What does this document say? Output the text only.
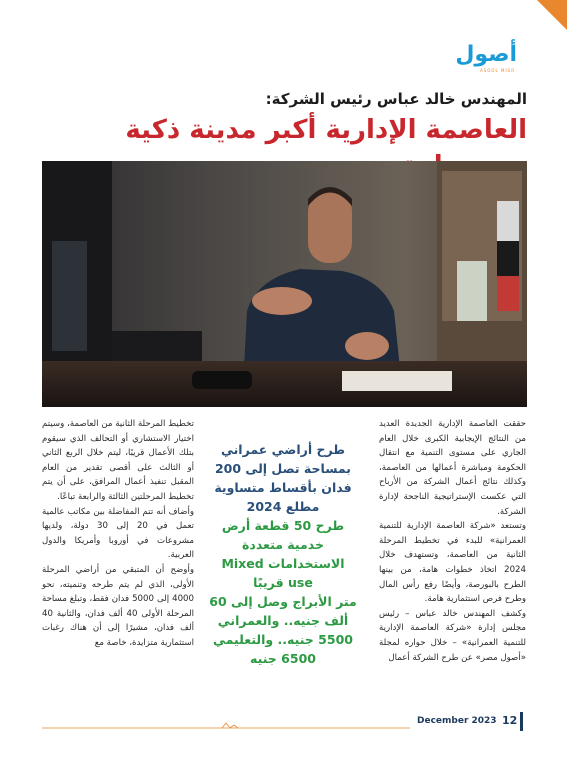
أصول
ASOOL MISR
المهندس خالد عباس رئيس الشركة:
العاصمة الإدارية أكبر مدينة ذكية

حققت العاصمة الإدارية الجديدة العديد من النتائج الإيجابية الكبرى خلال العام الجاري على مستوى التنمية مع انتقال الحكومة ومباشرة أعمالها من العاصمة، وكذلك نتائج أعمال الشركة من الأرباح التي عكست الإستراتيجية الناجحة لإدارة الشركة.

وتستعد «شركة العاصمة الإدارية للتنمية العمرانية» للبدء في تخطيط المرحلة الثانية من العاصمة، وتستهدف خلال 2024 اتخاذ خطوات هامة، من بينها الطرح بالبورصة، وأيضًا رفع رأس المال وطرح فرص استثمارية هامة.

وكشف المهندس خالد عباس – رئيس مجلس إدارة «شركة العاصمة الإدارية للتنمية العمرانية» – خلال حواره لمجلة «أصول مصر» عن طرح الشركة أعمال

طرح أراضي عمراني بمساحة تصل إلى 200 فدان بأقساط متساوية مطلع 2024

طرح 50 قطعة أرض خدمية متعددة الاستخدامات Mixed use قريبًا

متر الأبراج وصل إلى 60 ألف جنيه.. والعمراني 5500 جنيه.. والتعليمي 6500 جنيه

تخطيط المرحلة الثانية من العاصمة، وسيتم اختيار الاستشاري أو التحالف الذي سيقوم بتلك الأعمال قريبًا، ليتم خلال الربع الثاني أو الثالث على أقصى تقدير من العام المقبل تنفيذ أعمال المرافق، على أن يتم تخطيط المرحلتين الثالثة والرابعة تباعًا.

وأضاف أنه تتم المفاضلة بين مكاتب عالمية تعمل في 20 إلى 30 دولة، ولديها مشروعات في أوروبا وأمريكا والدول العربية.

وأوضح أن المتبقي من أراضي المرحلة الأولى، الذي لم يتم طرحه وتنميته، نحو 4000 إلى 5000 فدان فقط، وتبلغ مساحة المرحلة الأولى 40 ألف فدان، والثانية 40 ألف فدان، مشيرًا إلى أن هناك رغبات استثمارية متزايدة، خاصة مع

December 2023 12
